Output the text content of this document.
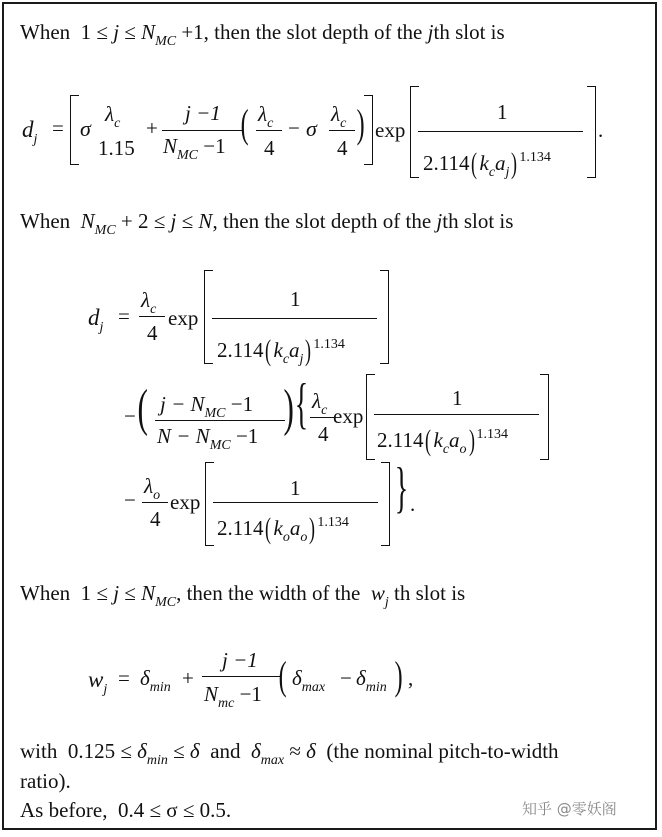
When $1 \le j \le N_{MC} +1$, then the slot depth of the jth slot is
$d_j = \sigma$
$\lambda_c$
1.15
+
j −1
$N_{MC} -1$ ( $\lambda_c$
4
− σ
$\lambda_c$
4
) exp
1
$2.114(k_ca_j)$ $^{1.134}$
.
When $N_{MC} + 2 \le j \le N$, then the slot depth of the jth slot is
$d_j$ =
$\lambda_c$
4
exp
1
$2.114(k_ca_j)$ $^{1.134}$
− ( $j - N_{MC} -1$
$N - N_{MC} -1$ ) { $\lambda_c$
4
exp
1
$2.114(k_ca_o)$ $^{1.134}$
−
$\lambda_o$
4
exp
1
$2.114(k_oa_o)$ $^{1.134}$
} .
When $1 \le j \le N_{MC}$, then the width of the  $w_j$ th slot is
$w_j = \delta_{min}$ +
j −1
$N_{mc} -1$ ( $\delta_{max} - \delta_{min}$ ) ,
with $0.125 \le \delta_{min} \le \delta$ and $\delta_{max} \approx \delta$ (the nominal pitch-to-width
ratio).
As before, 0.4 ≤ σ ≤ 0.5.	知乎 @零妖阁
